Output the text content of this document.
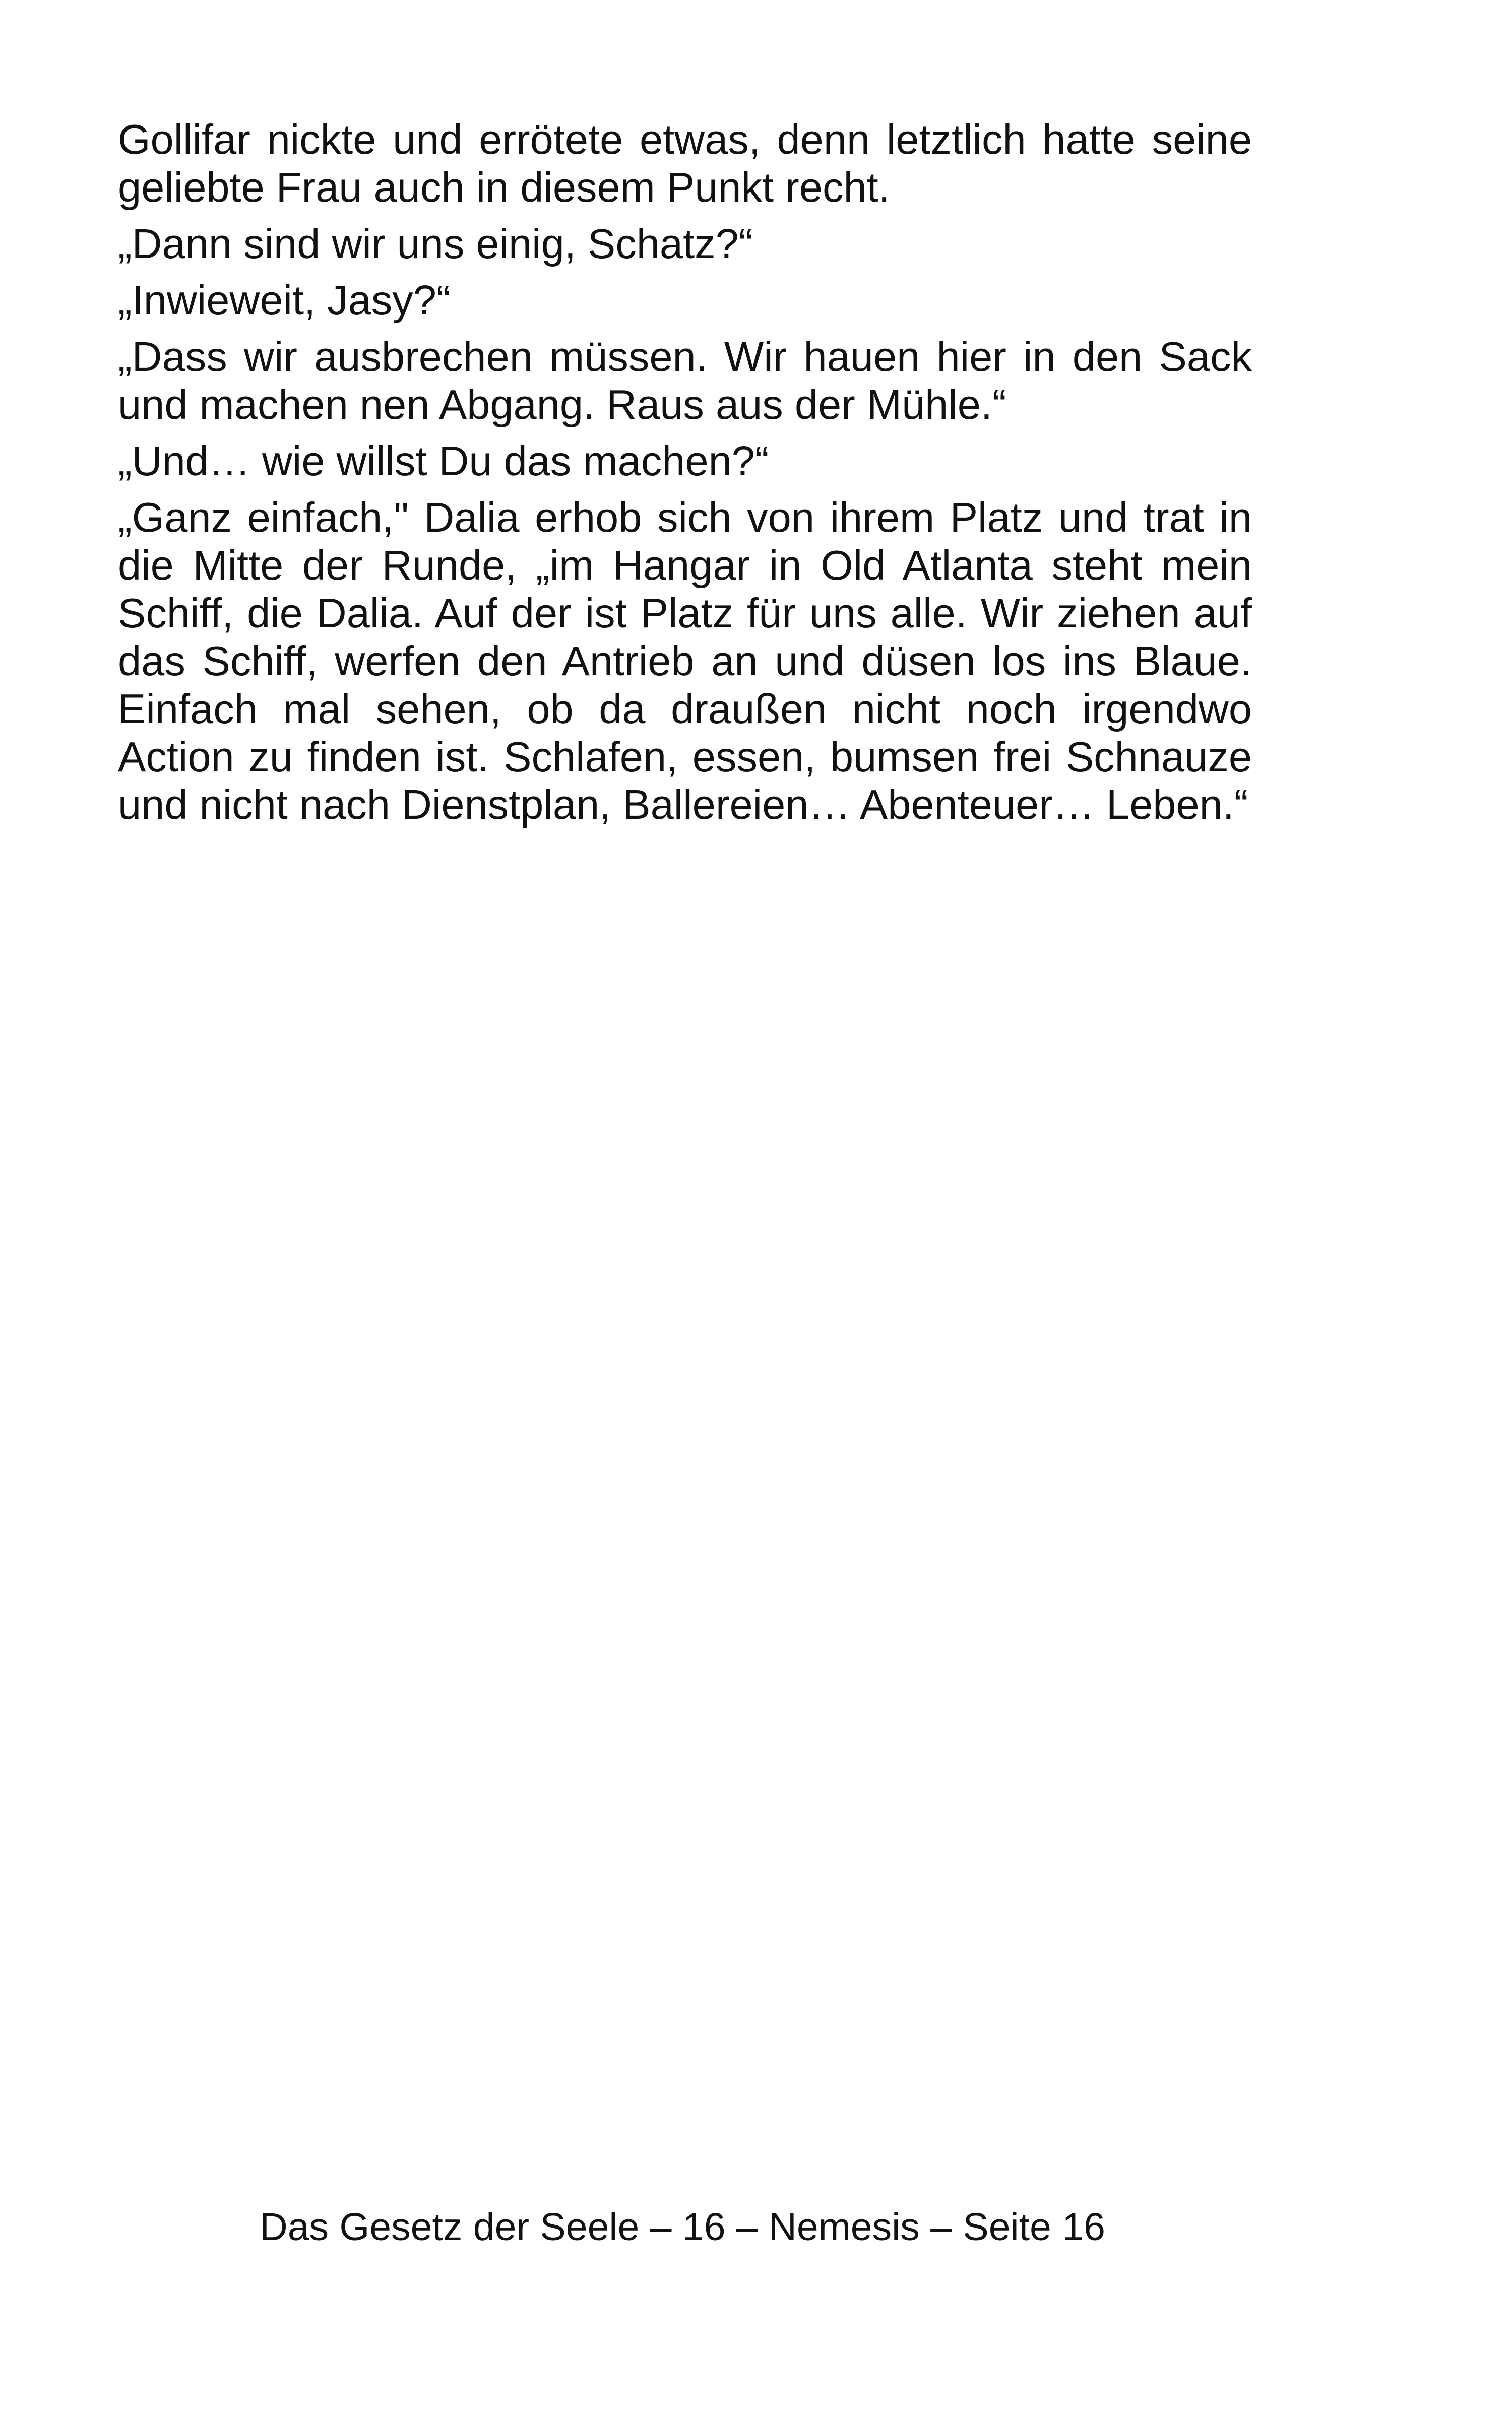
Gollifar nickte und errötete etwas, denn letztlich hatte seine geliebte Frau auch in diesem Punkt recht.

„Dann sind wir uns einig, Schatz?“

„Inwieweit, Jasy?“

„Dass wir ausbrechen müssen. Wir hauen hier in den Sack und machen nen Abgang. Raus aus der Mühle.“

„Und… wie willst Du das machen?“

„Ganz einfach," Dalia erhob sich von ihrem Platz und trat in die Mitte der Runde, „im Hangar in Old Atlanta steht mein Schiff, die Dalia. Auf der ist Platz für uns alle. Wir ziehen auf das Schiff, werfen den Antrieb an und düsen los ins Blaue. Einfach mal sehen, ob da draußen nicht noch irgendwo Action zu finden ist. Schlafen, essen, bumsen frei Schnauze und nicht nach Dienstplan, Ballereien… Abenteuer… Leben.“

Das Gesetz der Seele – 16 – Nemesis – Seite 16
